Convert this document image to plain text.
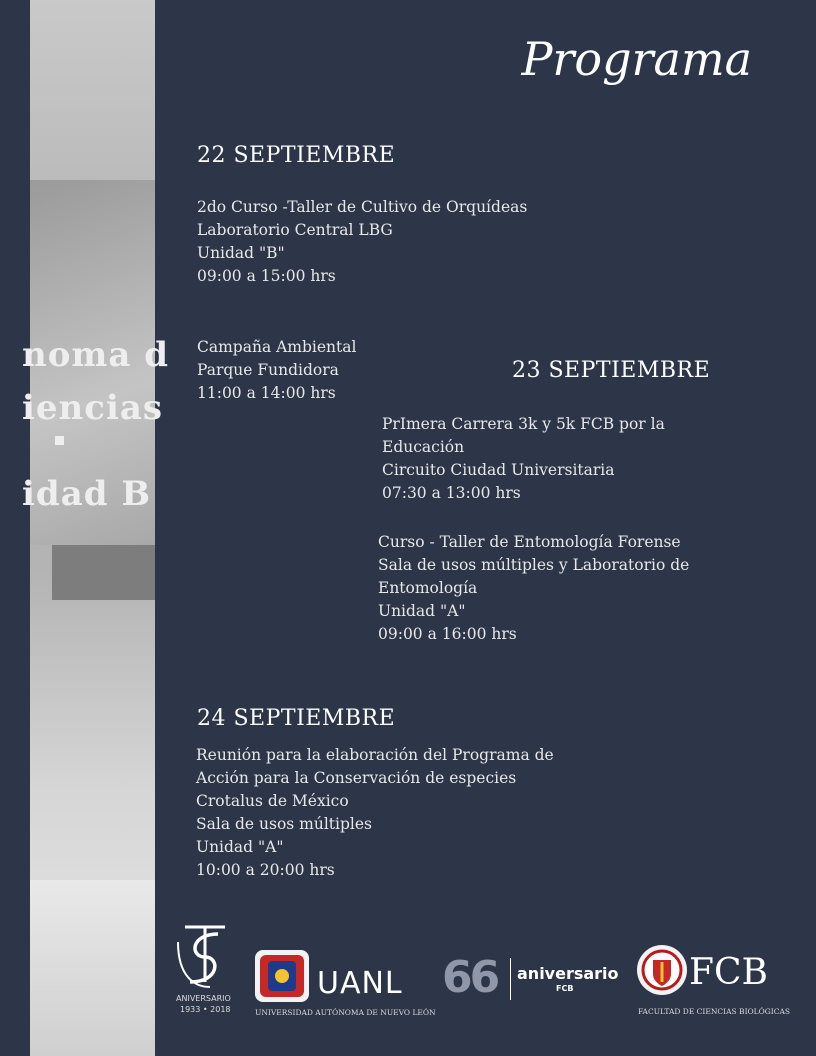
noma d
iencias
idad B
Programa
22 SEPTIEMBRE
2do Curso -Taller de Cultivo de Orquídeas
Laboratorio Central LBG
Unidad "B"
09:00 a 15:00 hrs
Campaña Ambiental
Parque Fundidora
11:00 a 14:00 hrs
23 SEPTIEMBRE
PrImera Carrera 3k y 5k FCB por la
Educación
Circuito Ciudad Universitaria
07:30 a 13:00 hrs
Curso - Taller de Entomología Forense
Sala de usos múltiples y Laboratorio de
Entomología
Unidad "A"
09:00 a 16:00 hrs
24 SEPTIEMBRE
Reunión para la elaboración del Programa de
Acción para la Conservación de especies
Crotalus de México
Sala de usos múltiples
Unidad "A"
10:00 a 20:00 hrs
ANIVERSARIO
1933 • 2018
UANL
UNIVERSIDAD AUTÓNOMA DE NUEVO LEÓN
66 aniversario
FCB	FCB
FACULTAD DE CIENCIAS BIOLÓGICAS
